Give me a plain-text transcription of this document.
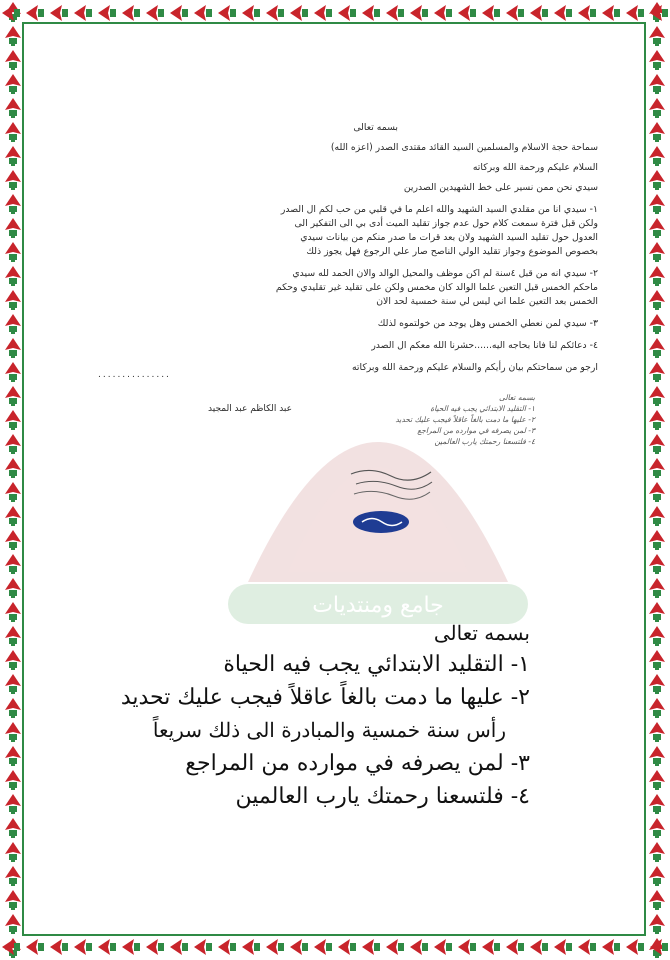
جامع ومنتديات
بسمه تعالى
سماحة حجة الاسلام والمسلمين السيد القائد مقتدى الصدر (اعزه الله)
السلام عليكم ورحمة الله وبركاته
سيدي نحن ممن نسير على خط الشهيدين الصدرين
١- سيدي انا من مقلدي السيد الشهيد والله اعلم ما في قلبي من حب لكم ال الصدر
ولكن قبل فترة سمعت كلام حول عدم جواز تقليد الميت أدى بي الى التفكير الى
العدول حول تقليد السيد الشهيد ولان بعد قرات ما صدر منكم من بيانات سيدي
بخصوص الموضوع وجواز تقليد الولي الناصح صار علي الرجوع فهل يجوز ذلك
٢- سيدي انه من قبل ٤سنة لم اكن موظف والمحيل الوالد والان الحمد لله سيدي
ماحكم الخمس قبل التعين علما الوالد كان مخمس ولكن على تقليد غير تقليدي وحكم
الخمس بعد التعين علما اني ليس لي سنة خمسية لحد الان
٣- سيدي لمن نعطي الخمس وهل يوجد من خولتموه لذلك
٤- دعائكم لنا فانا بحاجه اليه......حشرنا الله معكم ال الصدر
ارجو من سماحتكم بيان رأيكم والسلام عليكم ورحمة الله وبركاته
...............
عبد الكاظم عبد المجيد
بسمه تعالى
١- التقليد الابتدائي يجب فيه الحياة
٢- عليها ما دمت بالغاً عاقلاً فيجب عليك تحديد
٣- لمن يصرفه في موارده من المراجع
٤- فلتسعنا رحمتك يارب العالمين
بسمه تعالى
١- التقليد الابتدائي يجب فيه الحياة
٢- عليها ما دمت بالغاً عاقلاً فيجب عليك تحديد
رأس سنة خمسية والمبادرة الى ذلك سريعاً
٣- لمن يصرفه في موارده من المراجع
٤- فلتسعنا رحمتك يارب العالمين
